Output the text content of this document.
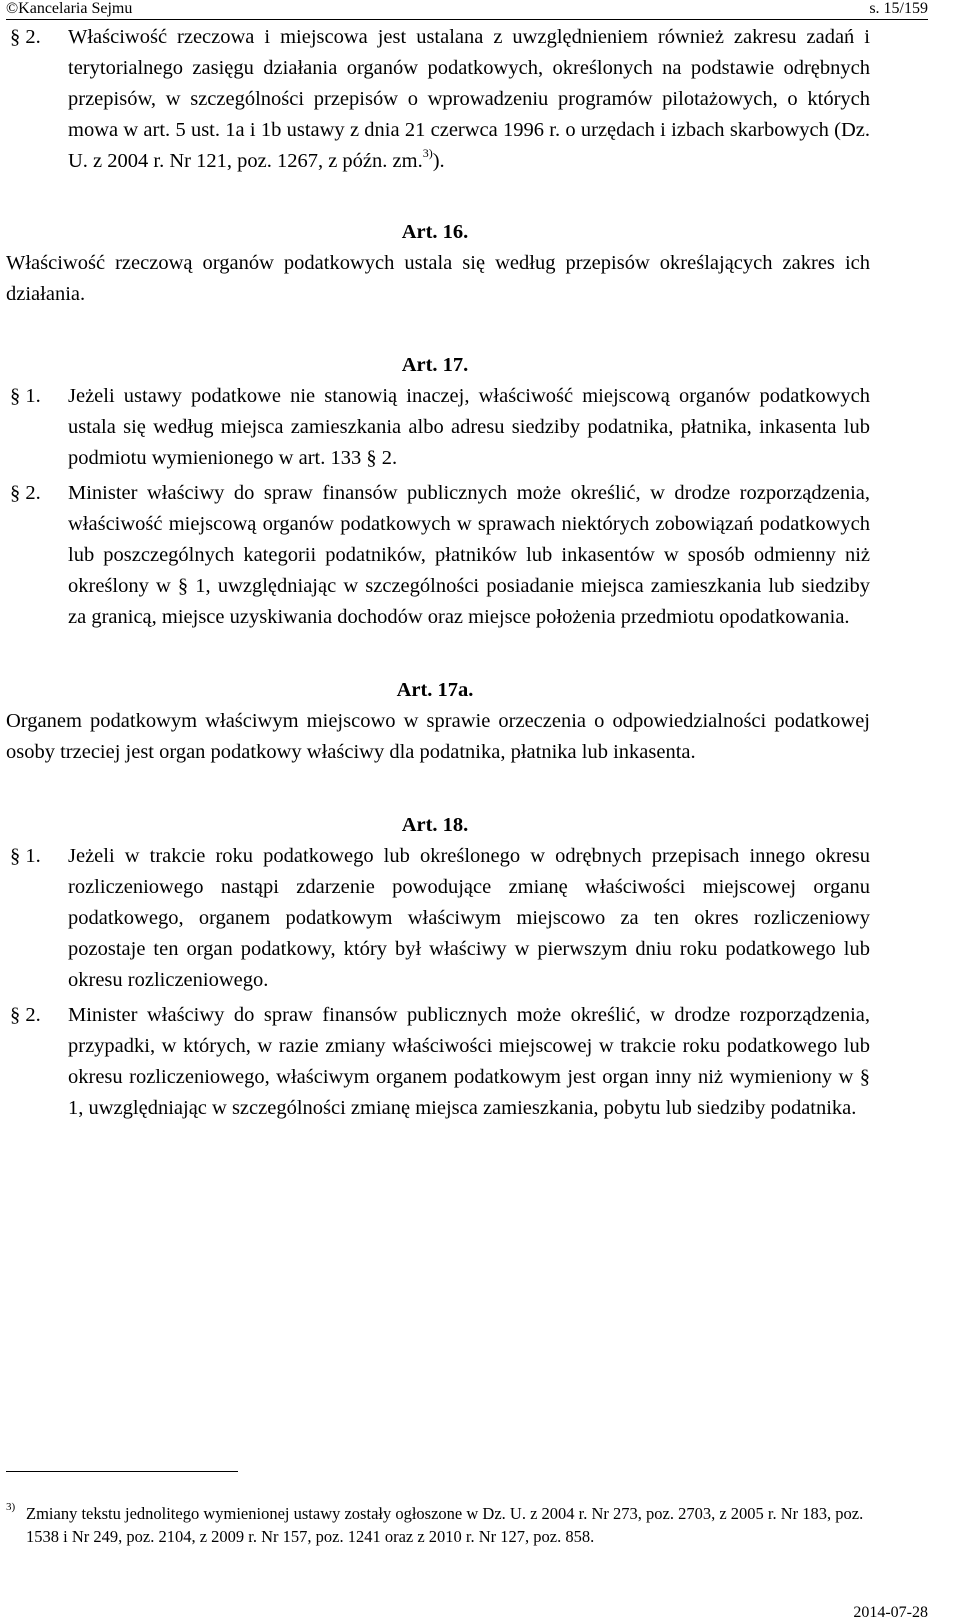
©Kancelaria Sejmu	s. 15/159
§ 2. Właściwość rzeczowa i miejscowa jest ustalana z uwzględnieniem również zakresu zadań i terytorialnego zasięgu działania organów podatkowych, określonych na podstawie odrębnych przepisów, w szczególności przepisów o wprowadzeniu programów pilotażowych, o których mowa w art. 5 ust. 1a i 1b ustawy z dnia 21 czerwca 1996 r. o urzędach i izbach skarbowych (Dz. U. z 2004 r. Nr 121, poz. 1267, z późn. zm.$^{3)}$).
Art. 16.
Właściwość rzeczową organów podatkowych ustala się według przepisów określających zakres ich działania.
Art. 17.
§ 1. Jeżeli ustawy podatkowe nie stanowią inaczej, właściwość miejscową organów podatkowych ustala się według miejsca zamieszkania albo adresu siedziby podatnika, płatnika, inkasenta lub podmiotu wymienionego w art. 133 § 2.
§ 2. Minister właściwy do spraw finansów publicznych może określić, w drodze rozporządzenia, właściwość miejscową organów podatkowych w sprawach niektórych zobowiązań podatkowych lub poszczególnych kategorii podatników, płatników lub inkasentów w sposób odmienny niż określony w § 1, uwzględniając w szczególności posiadanie miejsca zamieszkania lub siedziby za granicą, miejsce uzyskiwania dochodów oraz miejsce położenia przedmiotu opodatkowania.
Art. 17a.
Organem podatkowym właściwym miejscowo w sprawie orzeczenia o odpowiedzialności podatkowej osoby trzeciej jest organ podatkowy właściwy dla podatnika, płatnika lub inkasenta.
Art. 18.
§ 1. Jeżeli w trakcie roku podatkowego lub określonego w odrębnych przepisach innego okresu rozliczeniowego nastąpi zdarzenie powodujące zmianę właściwości miejscowej organu podatkowego, organem podatkowym właściwym miejscowo za ten okres rozliczeniowy pozostaje ten organ podatkowy, który był właściwy w pierwszym dniu roku podatkowego lub okresu rozliczeniowego.
§ 2. Minister właściwy do spraw finansów publicznych może określić, w drodze rozporządzenia, przypadki, w których, w razie zmiany właściwości miejscowej w trakcie roku podatkowego lub okresu rozliczeniowego, właściwym organem podatkowym jest organ inny niż wymieniony w § 1, uwzględniając w szczególności zmianę miejsca zamieszkania, pobytu lub siedziby podatnika.
3) Zmiany tekstu jednolitego wymienionej ustawy zostały ogłoszone w Dz. U. z 2004 r. Nr 273, poz. 2703, z 2005 r. Nr 183, poz. 1538 i Nr 249, poz. 2104, z 2009 r. Nr 157, poz. 1241 oraz z 2010 r. Nr 127, poz. 858.
2014-07-28
